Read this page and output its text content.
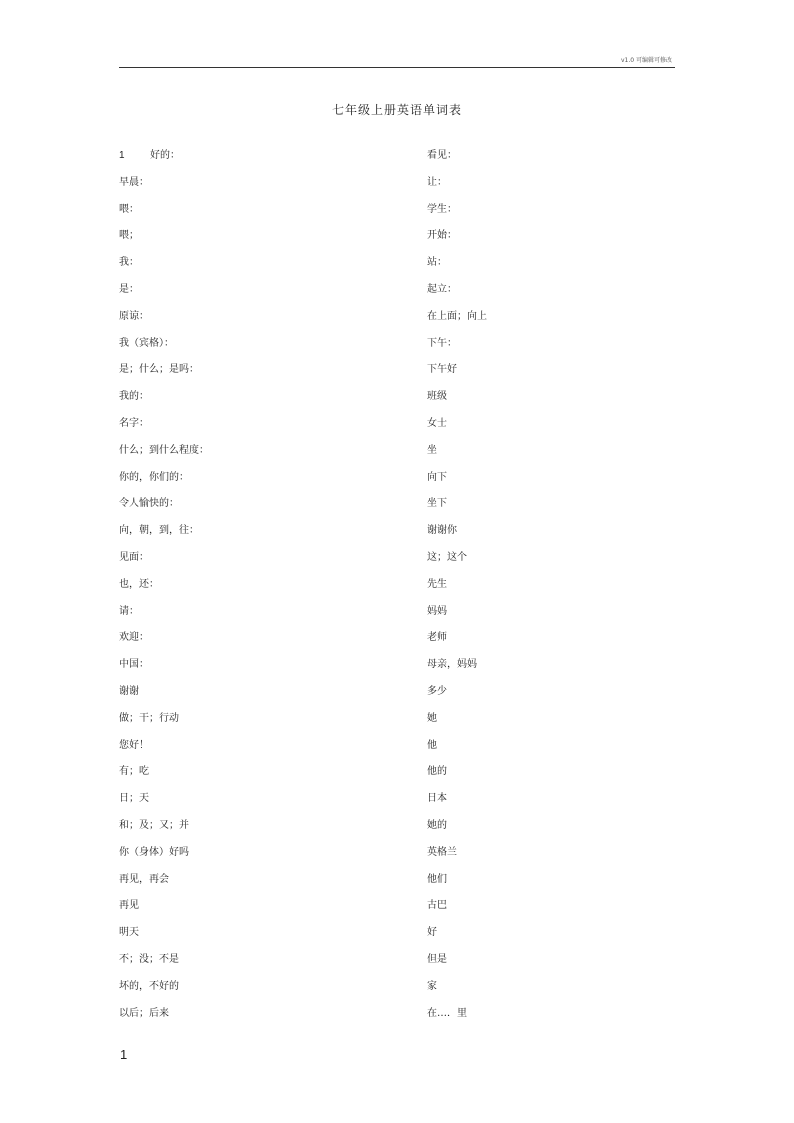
v1.0 可编辑可修改
七年级上册英语单词表
1	好的：
早晨：
喂：
喂；
我：
是：
原谅：
我（宾格）：
是；什么；是吗：
我的：
名字：
什么；到什么程度：
你的，你们的：
令人愉快的：
向，朝，到，往：
见面：
也，还：
请：
欢迎：
中国：
谢谢
做；干；行动
您好！
有；吃
日；天
和；及；又；并
你（身体）好吗
再见，再会
再见
明天
不；没；不是
坏的，不好的
以后；后来
看见：
让：
学生：
开始：
站：
起立：
在上面；向上
下午：
下午好
班级
女士
坐
向下
坐下
谢谢你
这；这个
先生
妈妈
老师
母亲，妈妈
多少
她
他
他的
日本
她的
英格兰
他们
古巴
好
但是
家
在…．里
1
